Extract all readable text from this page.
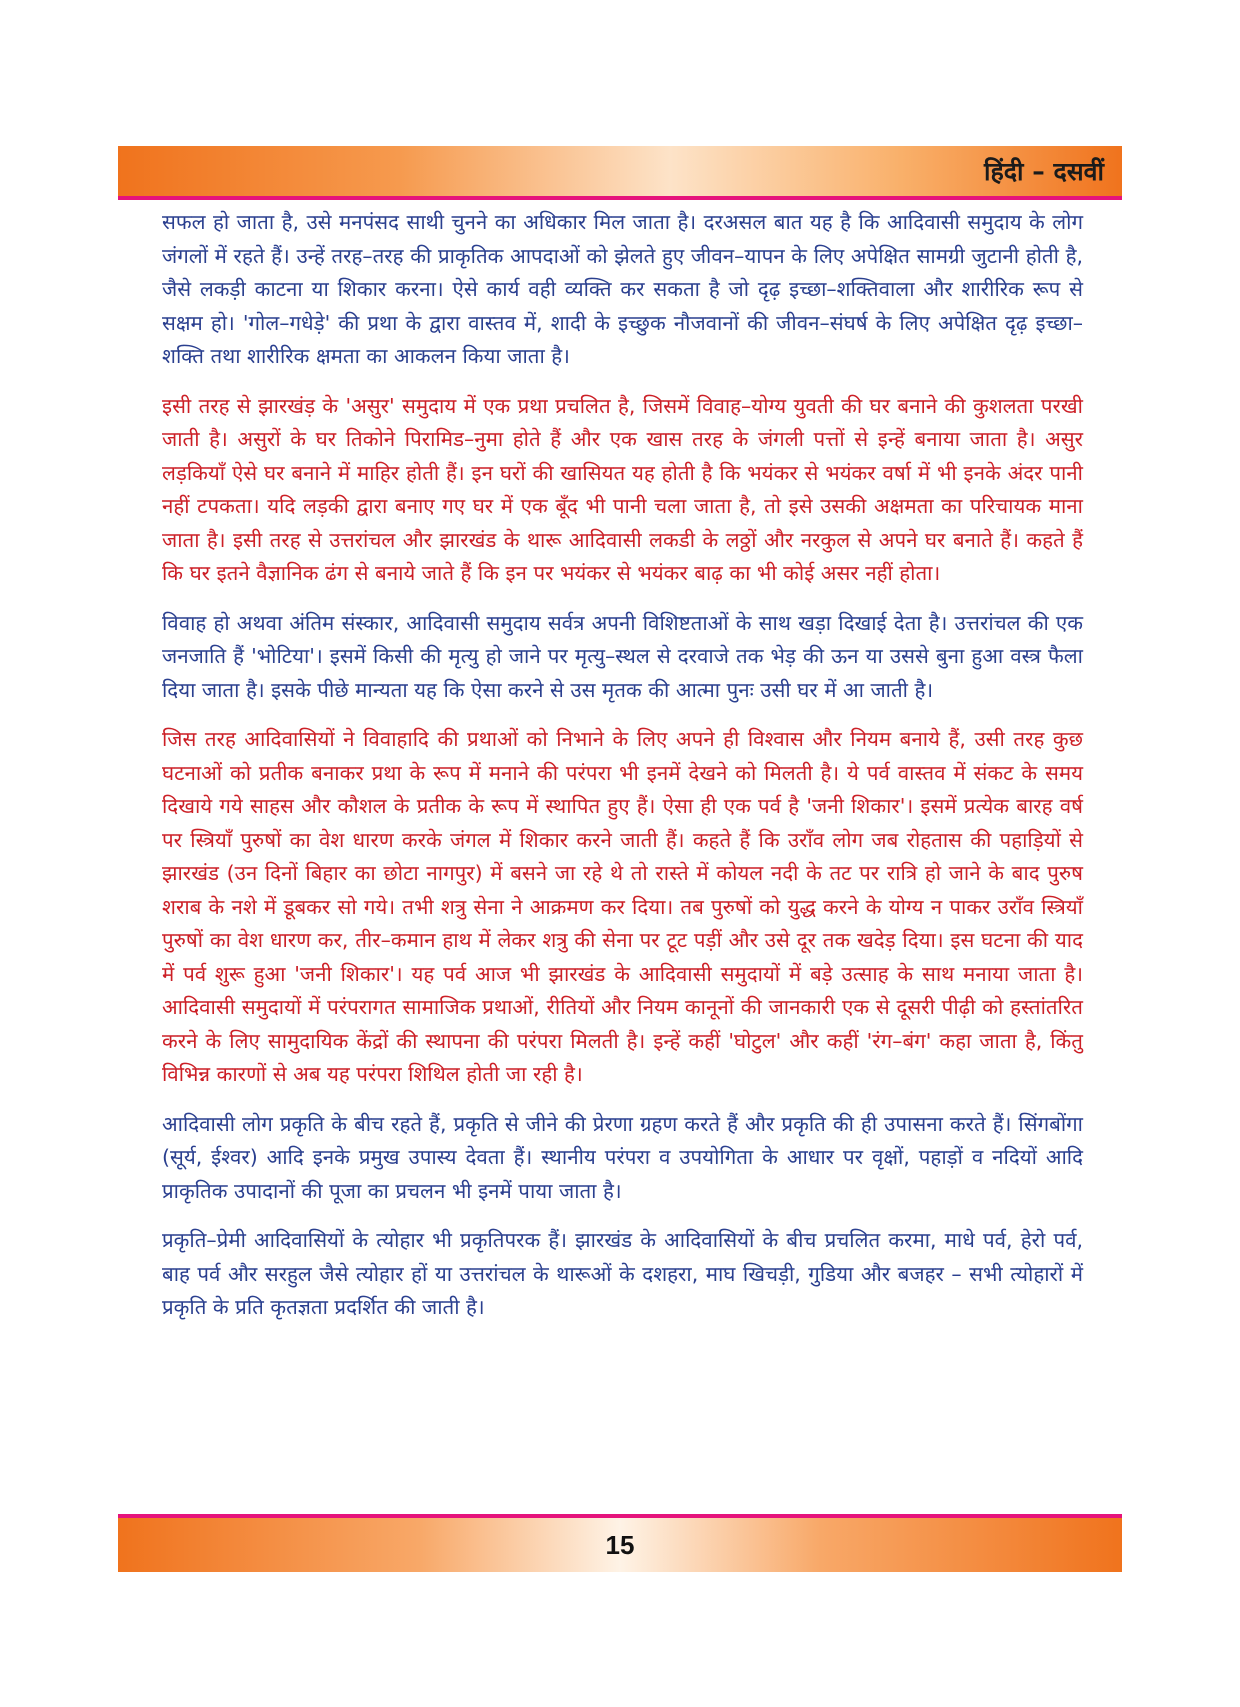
हिंदी – दसवीं

सफल हो जाता है, उसे मनपंसद साथी चुनने का अधिकार मिल जाता है। दरअसल बात यह है कि आदिवासी समुदाय के लोग जंगलों में रहते हैं। उन्हें तरह–तरह की प्राकृतिक आपदाओं को झेलते हुए जीवन–यापन के लिए अपेक्षित सामग्री जुटानी होती है, जैसे लकड़ी काटना या शिकार करना। ऐसे कार्य वही व्यक्ति कर सकता है जो दृढ़ इच्छा–शक्तिवाला और शारीरिक रूप से सक्षम हो। 'गोल–गधेड़े' की प्रथा के द्वारा वास्तव में, शादी के इच्छुक नौजवानों की जीवन–संघर्ष के लिए अपेक्षित दृढ़ इच्छा–शक्ति तथा शारीरिक क्षमता का आकलन किया जाता है।

इसी तरह से झारखंड़ के 'असुर' समुदाय में एक प्रथा प्रचलित है, जिसमें विवाह–योग्य युवती की घर बनाने की कुशलता परखी जाती है। असुरों के घर तिकोने पिरामिड–नुमा होते हैं और एक खास तरह के जंगली पत्तों से इन्हें बनाया जाता है। असुर लड़कियाँ ऐसे घर बनाने में माहिर होती हैं। इन घरों की खासियत यह होती है कि भयंकर से भयंकर वर्षा में भी इनके अंदर पानी नहीं टपकता। यदि लड़की द्वारा बनाए गए घर में एक बूँद भी पानी चला जाता है, तो इसे उसकी अक्षमता का परिचायक माना जाता है। इसी तरह से उत्तरांचल और झारखंड के थारू आदिवासी लकडी के लठ्ठों और नरकुल से अपने घर बनाते हैं। कहते हैं कि घर इतने वैज्ञानिक ढंग से बनाये जाते हैं कि इन पर भयंकर से भयंकर बाढ़ का भी कोई असर नहीं होता।

विवाह हो अथवा अंतिम संस्कार, आदिवासी समुदाय सर्वत्र अपनी विशिष्टताओं के साथ खड़ा दिखाई देता है। उत्तरांचल की एक जनजाति हैं 'भोटिया'। इसमें किसी की मृत्यु हो जाने पर मृत्यु–स्थल से दरवाजे तक भेड़ की ऊन या उससे बुना हुआ वस्त्र फैला दिया जाता है। इसके पीछे मान्यता यह कि ऐसा करने से उस मृतक की आत्मा पुनः उसी घर में आ जाती है।

जिस तरह आदिवासियों ने विवाहादि की प्रथाओं को निभाने के लिए अपने ही विश्वास और नियम बनाये हैं, उसी तरह कुछ घटनाओं को प्रतीक बनाकर प्रथा के रूप में मनाने की परंपरा भी इनमें देखने को मिलती है। ये पर्व वास्तव में संकट के समय दिखाये गये साहस और कौशल के प्रतीक के रूप में स्थापित हुए हैं। ऐसा ही एक पर्व है 'जनी शिकार'। इसमें प्रत्येक बारह वर्ष पर स्त्रियाँ पुरुषों का वेश धारण करके जंगल में शिकार करने जाती हैं। कहते हैं कि उराँव लोग जब रोहतास की पहाड़ियों से झारखंड (उन दिनों बिहार का छोटा नागपुर) में बसने जा रहे थे तो रास्ते में कोयल नदी के तट पर रात्रि हो जाने के बाद पुरुष शराब के नशे में डूबकर सो गये। तभी शत्रु सेना ने आक्रमण कर दिया। तब पुरुषों को युद्ध करने के योग्य न पाकर उराँव स्त्रियाँ पुरुषों का वेश धारण कर, तीर–कमान हाथ में लेकर शत्रु की सेना पर टूट पड़ीं और उसे दूर तक खदेड़ दिया। इस घटना की याद में पर्व शुरू हुआ 'जनी शिकार'। यह पर्व आज भी झारखंड के आदिवासी समुदायों में बड़े उत्साह के साथ मनाया जाता है। आदिवासी समुदायों में परंपरागत सामाजिक प्रथाओं, रीतियों और नियम कानूनों की जानकारी एक से दूसरी पीढ़ी को हस्तांतरित करने के लिए सामुदायिक केंद्रों की स्थापना की परंपरा मिलती है। इन्हें कहीं 'घोटुल' और कहीं 'रंग–बंग' कहा जाता है, किंतु विभिन्न कारणों से अब यह परंपरा शिथिल होती जा रही है।

आदिवासी लोग प्रकृति के बीच रहते हैं, प्रकृति से जीने की प्रेरणा ग्रहण करते हैं और प्रकृति की ही उपासना करते हैं। सिंगबोंगा (सूर्य, ईश्वर) आदि इनके प्रमुख उपास्य देवता हैं। स्थानीय परंपरा व उपयोगिता के आधार पर वृक्षों, पहाड़ों व नदियों आदि प्राकृतिक उपादानों की पूजा का प्रचलन भी इनमें पाया जाता है।

प्रकृति–प्रेमी आदिवासियों के त्योहार भी प्रकृतिपरक हैं। झारखंड के आदिवासियों के बीच प्रचलित करमा, माधे पर्व, हेरो पर्व, बाह पर्व और सरहुल जैसे त्योहार हों या उत्तरांचल के थारूओं के दशहरा, माघ खिचड़ी, गुडिया और बजहर – सभी त्योहारों में प्रकृति के प्रति कृतज्ञता प्रदर्शित की जाती है।

15
